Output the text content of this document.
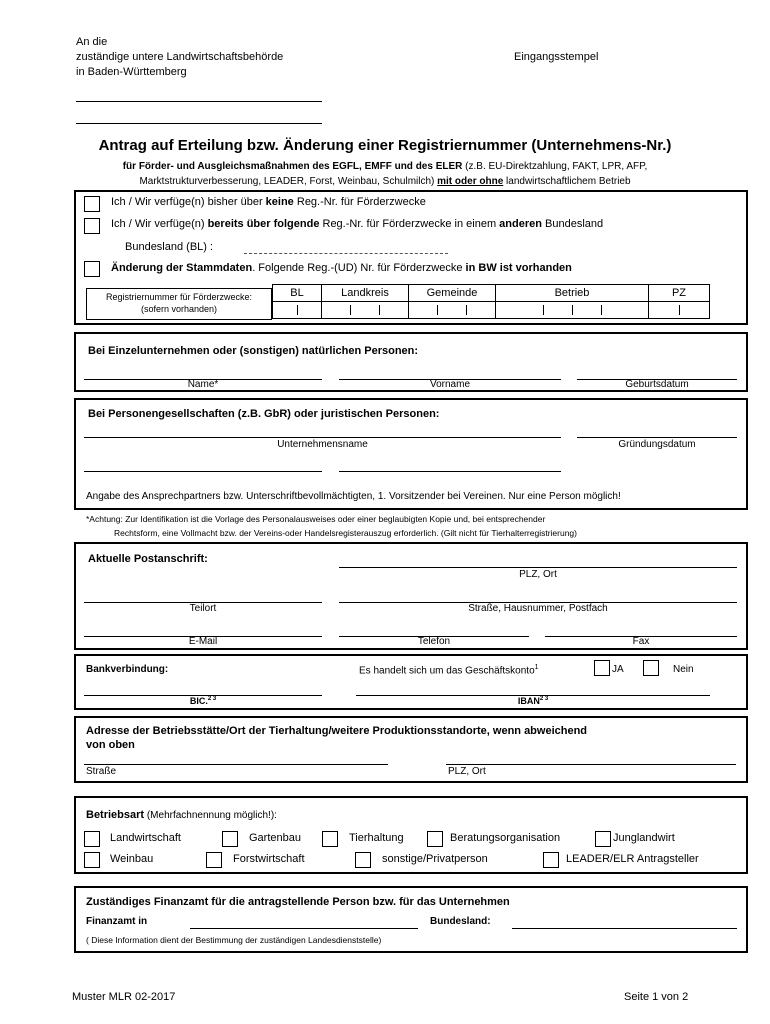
An die
zuständige untere Landwirtschaftsbehörde
in Baden-Württemberg
Eingangsstempel
Antrag auf Erteilung bzw. Änderung einer Registriernummer (Unternehmens-Nr.)
für Förder- und Ausgleichsmaßnahmen des EGFL, EMFF und des ELER (z.B. EU-Direktzahlung, FAKT, LPR, AFP,
Marktstrukturverbesserung, LEADER, Forst, Weinbau, Schulmilch) mit oder ohne landwirtschaftlichem Betrieb
Ich / Wir verfüge(n) bisher über keine Reg.-Nr. für Förderzwecke
Ich / Wir verfüge(n) bereits über folgende Reg.-Nr. für Förderzwecke in einem anderen Bundesland
Bundesland (BL) :
Änderung der Stammdaten. Folgende Reg.-(UD) Nr. für Förderzwecke in BW ist vorhanden
Registriernummer für Förderzwecke:
(sofern vorhanden)
BL	Landkreis	Gemeinde	Betrieb	PZ

Bei Einzelunternehmen oder (sonstigen) natürlichen Personen:
Name*	Vorname	Geburtsdatum
Bei Personengesellschaften (z.B. GbR) oder juristischen Personen:
Unternehmensname	Gründungsdatum
Angabe des Ansprechpartners bzw. Unterschriftbevollmächtigten, 1. Vorsitzender bei Vereinen. Nur eine Person möglich!
*Achtung: Zur Identifikation ist die Vorlage des Personalausweises oder einer beglaubigten Kopie und, bei entsprechender
Rechtsform, eine Vollmacht bzw. der Vereins-oder Handelsregisterauszug erforderlich. (Gilt nicht für Tierhalterregistrierung)
Aktuelle Postanschrift:
PLZ, Ort
Teilort	Straße, Hausnummer, Postfach
E-Mail	Telefon	Fax
Bankverbindung:	Es handelt sich um das Geschäftskonto$^1$	JA	Nein
BIC.$^{2 3}$	$IBAN^{2 3}$
Adresse der Betriebsstätte/Ort der Tierhaltung/weitere Produktionsstandorte, wenn abweichend
von oben
Straße	PLZ, Ort
Betriebsart (Mehrfachnennung möglich!):
Landwirtschaft	Gartenbau	Tierhaltung	Beratungsorganisation	Junglandwirt
Weinbau	Forstwirtschaft	sonstige/Privatperson	LEADER/ELR Antragsteller
Zuständiges Finanzamt für die antragstellende Person bzw. für das Unternehmen
Finanzamt in	Bundesland:
( Diese Information dient der Bestimmung der zuständigen Landesdienststelle)
Muster MLR 02-2017	Seite 1 von 2
